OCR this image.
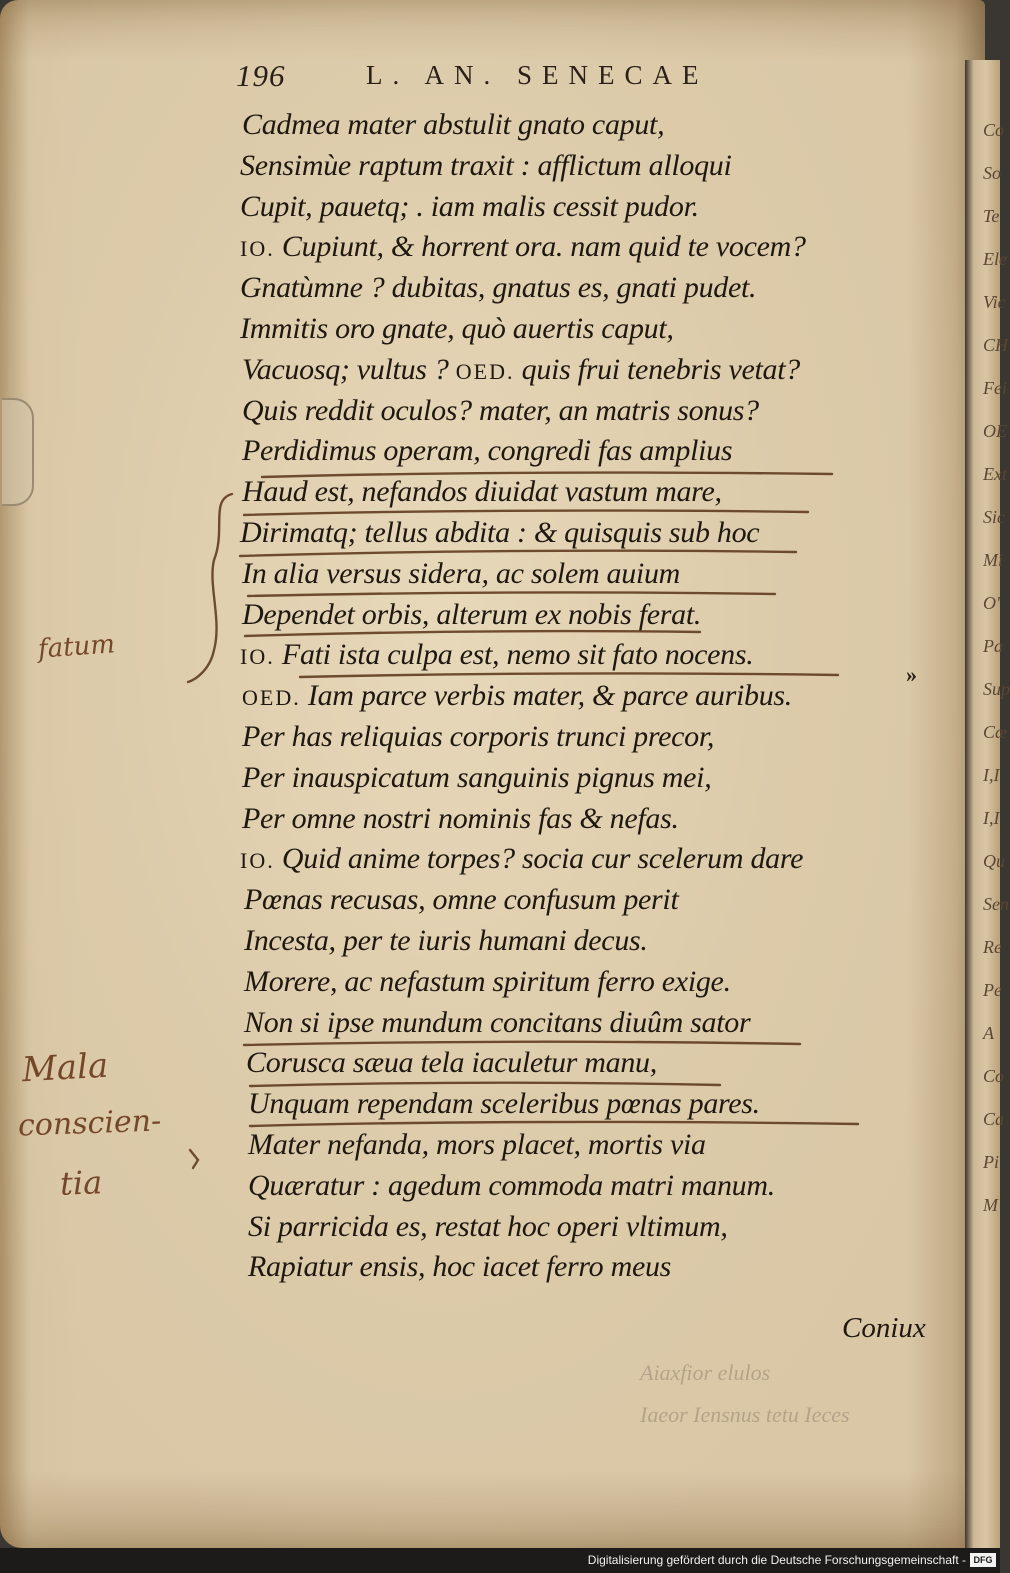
Co
So
Te
Ele
Vic
CH
Fei
OE
Ext
Sic
Mi
O'
Pa
Sup
Cæ
I,I
I,I
Qu
Sen
Re
Pe
A
Co
Ca
Pi
M
196	L. AN. SENECAE
Cadmea mater abstulit gnato caput,
Sensimùe raptum traxit : afflictum alloqui
Cupit, pauetq; . iam malis cessit pudor.
IO. Cupiunt, & horrent ora. nam quid te vocem?
Gnatùmne ? dubitas, gnatus es, gnati pudet.
Immitis oro gnate, quò auertis caput,
Vacuosq; vultus ? OED. quis frui tenebris vetat?
Quis reddit oculos? mater, an matris sonus?
Perdidimus operam, congredi fas amplius
Haud est, nefandos diuidat vastum mare,
Dirimatq; tellus abdita : & quisquis sub hoc
In alia versus sidera, ac solem auium
Dependet orbis, alterum ex nobis ferat.
IO. Fati ista culpa est, nemo sit fato nocens.
OED. Iam parce verbis mater, & parce auribus.
Per has reliquias corporis trunci precor,
Per inauspicatum sanguinis pignus mei,
Per omne nostri nominis fas & nefas.
IO. Quid anime torpes? socia cur scelerum dare
Pœnas recusas, omne confusum perit
Incesta, per te iuris humani decus.
Morere, ac nefastum spiritum ferro exige.
Non si ipse mundum concitans diuûm sator
Corusca sæua tela iaculetur manu,
Unquam rependam sceleribus pœnas pares.
Mater nefanda, mors placet, mortis via
Quæratur : agedum commoda matri manum.
Si parricida es, restat hoc operi vltimum,
Rapiatur ensis, hoc iacet ferro meus
»
Coniux
fatum
Mala
conscien-
tia
Aiaxfior elulos
Iaeor Iensnus tetu Ieces
Digitalisierung gefördert durch die Deutsche Forschungsgemeinschaft - DFG
